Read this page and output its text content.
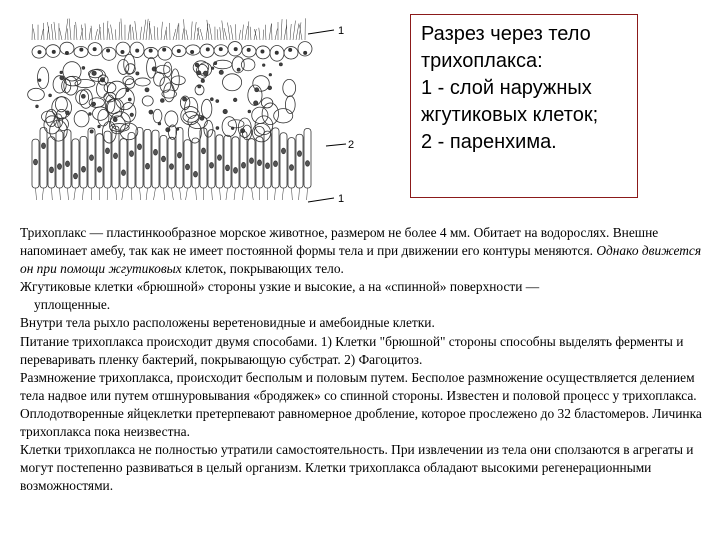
1
2
1

Разрез через тело

трихоплакса:

1 - слой наружных

жгутиковых клеток;

2 - паренхима.

Трихоплакс — пластинкообразное морское животное, размером не более 4 мм. Обитает на водорослях. Внешне напоминает амебу, так как не имеет постоянной формы тела и при движении его контуры меняются. Однако движется он при помощи жгутиковых клеток, покрывающих тело.

Жгутиковые клетки «брюшной» стороны узкие и высокие, а на «спинной» поверхности —

уплощенные.

Внутри тела рыхло расположены веретеновидные и амебоидные клетки.

Питание трихоплакса происходит двумя способами. 1) Клетки "брюшной" стороны способны выделять ферменты и переваривать пленку бактерий, покрывающую субстрат. 2) Фагоцитоз.

Размножение трихоплакса, происходит бесполым и половым путем. Бесполое размножение осуществляется делением тела надвое или путем отшнуровывания «бродяжек» со спинной стороны. Известен и половой процесс у трихоплакса. Оплодотворенные яйцеклетки претерпевают равномерное дробление, которое прослежено до 32 бластомеров. Личинка трихоплакса пока неизвестна.

Клетки трихоплакса не полностью утратили самостоятельность. При извлечении из тела они сползаются в агрегаты и могут постепенно развиваться в целый организм. Клетки трихоплакса обладают высокими регенерационными возможностями.
